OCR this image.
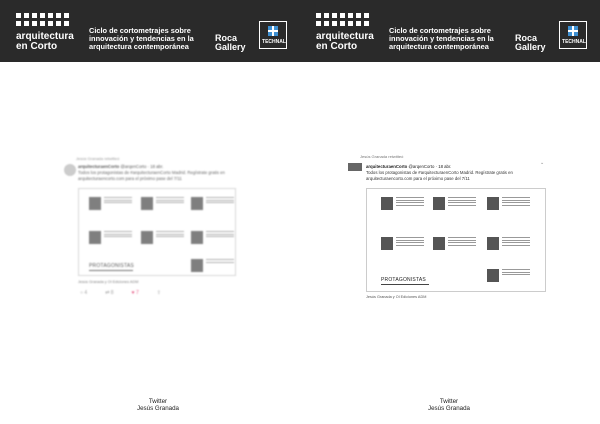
arquitectura
en Corto
Ciclo de cortometrajes sobre
innovación y tendencias en la
arquitectura contemporánea
Roca
Gallery	TECHNAL	arquitectura
en Corto
Ciclo de cortometrajes sobre
innovación y tendencias en la
arquitectura contemporánea
Roca
Gallery	TECHNAL
Jesús Granada retwitteó
arquitecturaenCorto @arqenCorto · 18 abr.
Todos los protagonistas de #arquitecturaenCorto Madrid. Regístrate gratis en
arquitecturaencorto.com para el próximo pase del 7/11
PROTAGONISTAS
Jesús Granada y Ol Ediciones ADM
○ 4	⇄ 8	♥ 7	⇪
Jesús Granada retwitteó
arquitecturaenCorto @arqenCorto · 18 abr.
⌄
Todos los protagonistas de #arquitecturaenCorto Madrid. Regístrate gratis en
arquitecturaencorto.com para el próximo pase del 7/11
PROTAGONISTAS
Jesús Granada y Ol Ediciones ADM
Twitter
Jesús Granada
Twitter
Jesús Granada
